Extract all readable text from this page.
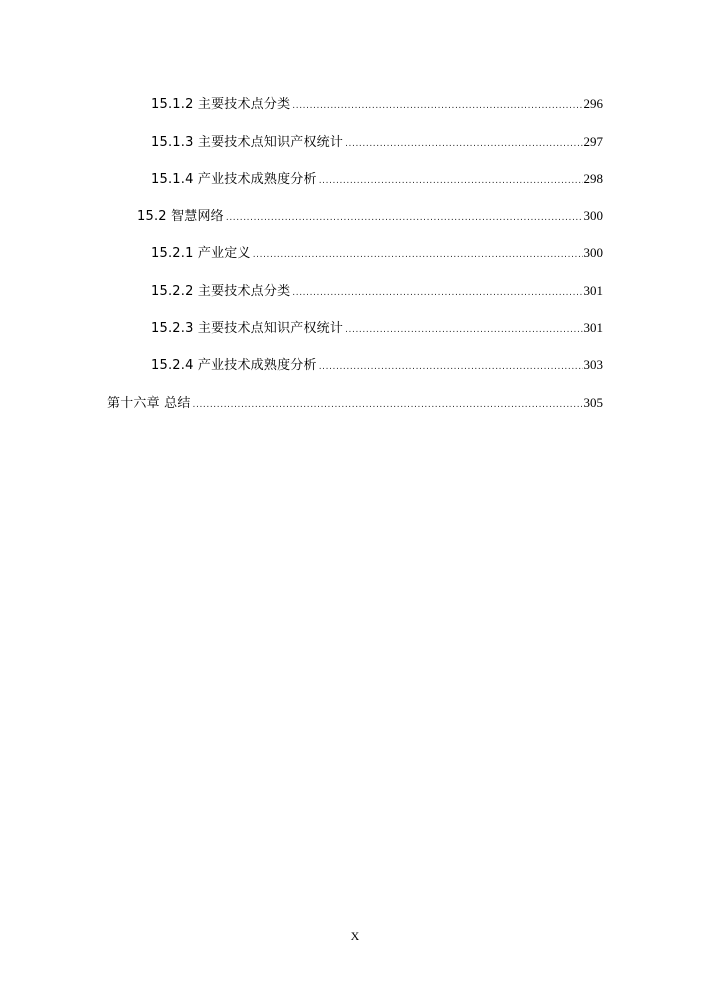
15.1.2 主要技术点分类 .....	296
15.1.3 主要技术点知识产权统计 .....	297
15.1.4 产业技术成熟度分析 .....	298
15.2 智慧网络 .....	300
15.2.1 产业定义 .....	300
15.2.2 主要技术点分类 .....	301
15.2.3 主要技术点知识产权统计 .....	301
15.2.4 产业技术成熟度分析 .....	303
第十六章 总结 .....	305
X
